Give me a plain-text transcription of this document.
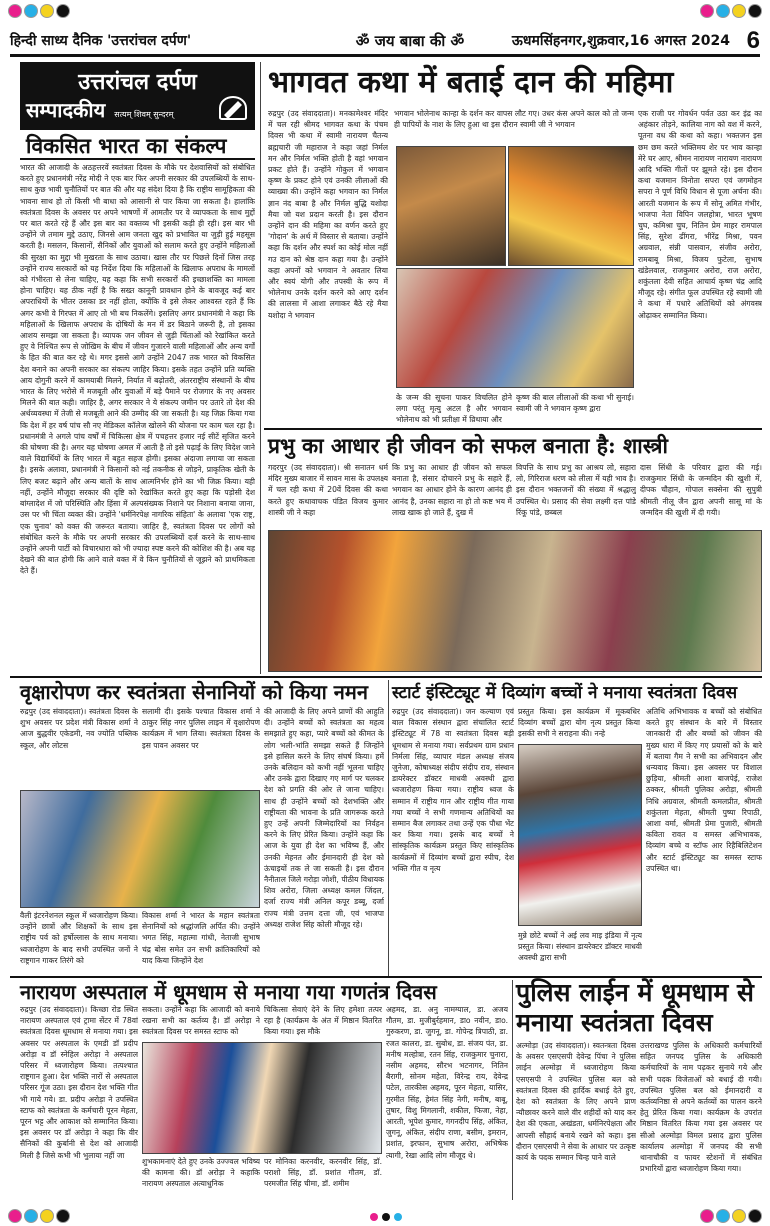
हिन्दी साध्य दैनिक 'उत्तरांचल दर्पण'	ॐ जय बाबा की ॐ	ऊधमसिंहनगर,शुक्रवार,16 अगस्त 2024 6
उत्तरांचल दर्पण
सम्पादकीय सत्यम् शिवम् सुन्दरम्
विकसित भारत का संकल्प
भारत की आजादी के अठहत्तरवें स्वतंत्रता दिवस के मौके पर देशवासियों को संबोधित करते हुए प्रधानमंत्री नरेंद्र मोदी ने एक बार फिर अपनी सरकार की उपलब्धियों के साथ-साथ कुछ भावी चुनौतियों पर बात की और यह संदेश दिया है कि राष्ट्रीय सामूहिकता की भावना साथ हो तो किसी भी बाधा को आसानी से पार किया जा सकता है। हालांकि स्वतंत्रता दिवस के अवसर पर अपने भाषणों में आमतौर पर वे व्यापकता के साथ मुद्दों पर बात करते रहे हैं और इस बार का वक्तव्य भी इसकी कड़ी ही रही। इस बार भी उन्होंने जे तमाम मुद्दे उठाए, जिनसे आम जनता खुद को प्रभावित या जुड़ी हुई महसूस करती है। मसलन, किसानों, सैनिकों और युवाओं को सलाम करते हुए उन्होंने महिलाओं की सुरक्षा का मुद्दा भी मुखरता के साथ उठाया। खास तौर पर पिछले दिनों जिस तरह उन्होंने राज्य सरकारों को यह निर्देश दिया कि महिलाओं के खिलाफ अपराध के मामलों को गंभीरता से लेना चाहिए, यह कहा कि सभी सरकारों की इच्छाशक्ति का मामला होना चाहिए। यह ठीक नहीं है कि सख्त कानूनी प्रावधान होने के बावजूद कई बार अपराधियों के भीतर उसका डर नहीं होता, क्योंकि वे इसे लेकर आश्वस्त रहते हैं कि अगर कभी वे गिरफ्त में आए तो भी बच निकलेंगे। इसलिए अगर प्रधानमंत्री ने कहा कि महिलाओं के खिलाफ अपराध के दोषियों के मन में डर बिठाने जरूरी है, तो इसका आशय समझा जा सकता है। व्यापक जन जीवन से जुड़ी चिंताओं को रेखांकित करते हुए वे निश्चित रूप से जोखिम के बीच में जीवन गुजारने वाली महिलाओं और अन्य वर्गों के हित की बात कर रहे थे। मगर इससे आगे उन्होंने 2047 तक भारत को विकसित देश बनाने का अपनी सरकार का संकल्प जाहिर किया। इसके तहत उन्होंने प्रति व्यक्ति आय दोगुनी करने में कामयाबी मिलने, निर्यात में बढ़ोतरी, अंतरराष्ट्रीय संस्थानों के बीच भारत के लिए भरोसे में मजबूती और युवाओं में बड़े पैमाने पर रोजगार के नए अवसर मिलने की बात कही। जाहिर है, अगर सरकार ने ये संकल्प जमीन पर उतारे तो देश की अर्थव्यवस्था में तेजी से मजबूती आने की उम्मीद की जा सकती है। यह जिक्र किया गया कि देश में हर वर्ष पांच सौ नए मेडिकल कॉलेज खोलने की योजना पर काम चल रहा है। प्रधानमंत्री ने अगले पांच वर्षों में चिकित्सा क्षेत्र में पचहत्तर हजार नई सीटें सृजित करने की घोषणा की है। अगर यह घोषणा अमल में आती है तो इसे पढ़ाई के लिए विदेश जाने वाले विद्यार्थियों के लिए भारत में बहुत सहज होगी। इसका अंदाजा लगाया जा सकता है। इसके अलावा, प्रधानमंत्री ने किसानों को नई तकनीक से जोड़ने, प्राकृतिक खेती के लिए बजट बढ़ाने और अन्य बातों के साथ आत्मनिर्भर होने का भी जिक्र किया। यही नहीं, उन्होंने मौजूदा सरकार की दृष्टि को रेखांकित करते हुए कहा कि पड़ोसी देश बांग्लादेश में जो परिस्थिति और हिंसा में अल्पसंख्यक निशाने पर निशाना बनाया जाना, उस पर भी चिंता व्यक्त की। उन्होंने 'धर्मनिरपेक्ष नागरिक संहिता' के अलावा 'एक राष्ट्र, एक चुनाव' को वक्त की जरूरत बताया। जाहिर है, स्वतंत्रता दिवस पर लोगों को संबोधित करने के मौके पर अपनी सरकार की उपलब्धियों दर्ज करने के साथ-साथ उन्होंने अपनी पार्टी को विचारधारा को भी ज्यादा स्पष्ट करने की कोशिश की है। अब यह देखने की बात होगी कि आने वाले वक्त में वे किन चुनौतियों से जूझने को प्राथमिकता देते हैं।
भागवत कथा में बताई दान की महिमा
रुद्रपुर (उद संवाददाता)। मनकामेश्वर मंदिर में चल रही श्रीमद भागवत कथा के पंचम दिवस भी कथा में स्वामी नारायण चैतन्य ब्रह्मचारी जी महाराज ने कहा जहां निर्मल मन और निर्मल भक्ति होती है वहां भगवान प्रकट होते हैं। उन्होंने गोकुल में भगवान कृष्ण के प्रकट होने एवं उनकी लीलाओं की व्याख्या की। उन्होंने कहा भगवान का निर्मल ज्ञान नंद बाबा है और निर्मल बुद्धि यशोदा मैया जो यश प्रदान करती है। इस दौरान उन्होंने दान की महिमा का वर्णन करते हुए 'गोदान' के अर्थ में विस्तार से बताया। उन्होंने कहा कि दर्शन और स्पर्श का कोई मोल नहीं गउ दान को श्रेष्ठ दान कहा गया है। उन्होंने कहा अपनों को भगवान ने अवतार लिया और स्वयं योगी और तपस्वी के रूप में भोलेनाथ उनके दर्शन करने को आए दर्शन की लालसा में आशा लगाकर बैठे रहे मैया यशोदा ने भगवान
भगवान भोलेनाथ कान्हा के दर्शन कर वापस लौट गए। उधर कंस अपने काल को तो जन्म ही पापियों के नाश के लिए हुआ था इस दौरान स्वामी जी ने भगवान
के जन्म की सूचना पाकर विचलित होने लगा परंतु मृत्यु अटल है और भगवान भोलेनाथ को भी प्रतीक्षा में व्रिथाया और
कृष्ण की बाल लीलाओं की कथा भी सुनाई। स्वामी जी ने भगवान कृष्ण द्वारा
एक राजी पर गोवर्धन पर्वत उठा कर इंद्र का अहंकार तोड़ने, कालिया नाग को वश में करने, पूतना वध की कथा को कहा। भक्तजन इस छम छम करते भक्तिमय शेर पर भाव कान्हा मेरे घर आए, श्रीमन नारायण नारायण नारायण आदि भक्ति गीतों पर झूमते रहे। इस दौरान कथा यजमान विनोता सपरा एवं जगमोहन सपरा ने पूर्ण विधि विधान से पूजा अर्चना की। आरती यजमान के रूप में सोनू अमित गंभीर, भाजपा नेता विपिन जलहोत्रा, भारत भूषण चुघ, कमिश्रा चुघ, नितिन प्रेम माहर रामपाल सिंह, सुरेश ढींगरा, भीरेंद्र मिश्रा, पवन अग्रवाल, संन्नी पासवान, संजीव अरोरा, रामबाबू मिश्रा, विजय फुटेला, सुभाष खंडेलवाल, राजकुमार अरोरा, राज अरोरा, शकुंतला देवी सहित आचार्य कृष्ण चंद्र आदि मौजूद रहे। संगीत फूल उपस्थित रहे स्वामी जी ने कथा में पधारे अतिथियों को अंगवस्त्र ओढ़ाकर सम्मानित किया।
प्रभु का आधार ही जीवन को सफल बनाता है: शास्त्री
गदरपुर (उद संवाददाता)। श्री सनातन धर्म मंदिर मुख्य बाजार में सावन मास के उपलक्ष्य में चल रही कथा में 20वें दिवस की कथा करते हुए कथावाचक पंडित विजय कुमार शास्त्री जी ने कहा
कि प्रभु का आधार ही जीवन को सफल बनाता है, संसार दोचारने प्रभु के सहारे हैं, भगवान का आधार होने के कारण आनंद ही आनंद है, उनका सहारा ना हो तो कष्ट भय में लाख खाक हो जाते हैं, दुख में
विपत्ति के साथ प्रभु का आश्रय लो, सहारा लो, गिरिराज धरण को लीला में यही भाव है। इस दौरान भक्तजनों की संख्या में श्रद्धालु उपस्थित थे। प्रसाद की सेवा लक्ष्मी दत्त पांडे रिंकू पांडे, छब्बल
दास सिंधी के परिवार द्वारा की गई। राजकुमार सिंधी के जन्मदिन की खुशी में, दीपक चौहान, गोपाल सक्सेना की सुपुत्री श्रीमती नीलू जैन द्वारा अपनी सासू मां के जन्मदिन की खुशी में दी गयी।
वृक्षारोपण कर स्वतंत्रता सेनानियों को किया नमन
रुद्रपुर (उद संवाददाता)। स्वतंत्रता दिवस के शुभ अवसर पर प्रदेश मंत्री विकास शर्मा ने आज बुद्धवीर एकेडमी, नव ज्योति पब्लिक स्कूल, और लोटस
सलामी दी। इसके पश्चात विकास शर्मा ने ठाकुर सिंह नगर पुलिस लाइन में वृक्षारोपण कार्यक्रम में भाग लिया। स्वतंत्रता दिवस के इस पावन अवसर पर
वैली इंटरनेशनल स्कूल में ध्वजारोहण किया। उन्होंने छात्रों और शिक्षकों के साथ इस राष्ट्रीय पर्व को हर्षोल्लास के साथ मनाया। ध्वजारोहण के बाद सभी उपस्थित जनों ने राष्ट्रगान गाकर तिरंगे को
विकास शर्मा ने भारत के महान स्वतंत्रता सेनानियों को श्रद्धांजलि अर्पित की। उन्होंने भगत सिंह, महात्मा गांधी, नेताजी सुभाष चंद्र बोस समेत उन सभी क्रांतिकारियों को याद किया जिन्होंने देश
की आजादी के लिए अपने प्राणों की आहुति दी। उन्होंने बच्चों को स्वतंत्रता का महत्व समझाते हुए कहा, प्यारे बच्चों को कीमत के लोग भली-भांति समझा सकते हैं जिन्होंने इसे हासिल करने के लिए संघर्ष किया। हमें उनके बलिदान को कभी नहीं भूलना चाहिए और उनके द्वारा दिखाए गए मार्ग पर चलकर देश को प्रगति की ओर ले जाना चाहिए। साथ ही उन्होंने बच्चों को देशभक्ति और राष्ट्रीयता की भावना के प्रति जागरूक करते हुए उन्हें अपनी जिम्मेदारियों का निर्वहन करने के लिए प्रेरित किया। उन्होंने कहा कि आज के युवा ही देश का भविष्य हैं, और उनकी मेहनत और ईमानदारी ही देश को ऊंचाइयों तक ले जा सकती है। इस दौरान नैनीताल जिले गरोड़ा जोशी, पीठीय विधायक शिव अरोरा, जिला अध्यक्ष कमल जिंदल, दर्जा राज्य मंत्री अनिल कपूर डब्बू, दर्जा राज्य मंत्री उत्तम दत्ता जी, एवं भाजपा अध्यक्ष राजेश सिंह कोली मौजूद रहे।
स्टार्ट इंस्टिट्यूट में दिव्यांग बच्चों ने मनाया स्वतंत्रता दिवस
रुद्रपुर (उद संवाददाता)। जन कल्याण एवं बाल विकास संस्थान द्वारा संचालित स्टार्ट इंस्टिट्यूट में 78 वा स्वतंत्रता दिवस बड़ी धूमधाम से मनाया गया। सर्वप्रथम ग्राम प्रधान निर्मला सिंह, व्यापार मंडल अध्यक्ष संजय जुनेजा, कोषाध्यक्ष संदीप संदीप राव, संस्थान डायरेक्टर डॉक्टर माधवी अवस्थी द्वारा ध्वजारोहण किया गया। राष्ट्रीय ध्वज के सम्मान में राष्ट्रीय गान और राष्ट्रीय गीत गाया गया बच्चों ने सभी गणमान्य अतिथियों का सम्मान बैज लगाकर तथा उन्हें एक पौधा भेंट कर किया गया। इसके बाद बच्चों ने सांस्कृतिक कार्यक्रम प्रस्तुत किए सांस्कृतिक कार्यक्रमों में दिव्यांग बच्चों द्वारा स्पीच, देश भक्ति गीत व नृत्य
प्रस्तुत किया। इस कार्यक्रम में मूकबधिर दिव्यांग बच्चों द्वारा योग नृत्य प्रस्तुत किया इसकी सभी ने सराहना की। नन्हे
मुन्ने छोटे बच्चों ने अई लव माइ इंडिया में नृत्य प्रस्तुत किया। संस्थान डायरेक्टर डॉक्टर माधवी अवस्थी द्वारा सभी
अतिथि अभिभावक व बच्चों को संबोधित करते हुए संस्थान के बारे में विस्तार जानकारी दी और बच्चों को जीवन की मुख्य धारा में किए गए प्रयासों को के बारे में बताया गैम ने सभी का अभिवादन और धन्यवाद किया। इस अवसर पर विशाल छुड़िया, श्रीमती आशा बाजपेई, राजेश ठक्कर, श्रीमती पुलिका अरोड़ा, श्रीमती निधि अग्रवाल, श्रीमती कमलप्रीत, श्रीमती शकुंतला मेहता, श्रीमती पुष्पा रिपाठी, आशा वर्मा, श्रीमती प्रेमा पुजारी, श्रीमती कविता रावत व समस्त अभिभावक, दिव्यांग बच्चे व स्टॉफ आर रिहैबिलिटेशन और स्टार्ट इंस्टिट्यूट का समस्त स्टाफ उपस्थित था।
नारायण अस्पताल में धूमधाम से मनाया गया गणतंत्र दिवस
रुद्रपुर (उद संवाददाता)। किच्छा रोड स्थित नारायण अस्पताल एवं ट्रामा सेंटर में 78वां स्वतंत्रता दिवस धूमधाम से मनाया गया। इस अवसर पर अस्पताल के एमडी डॉ प्रदीप अरोड़ा व डॉ स्नेहिल अरोड़ा ने अस्पताल परिसर में ध्वजारोहण किया। तत्पश्चात राष्ट्रगान हुआ। देश भक्ति नारों से अस्पताल परिसर गूंज उठा। इस दौरान देश भक्ति गीत भी गाये गये। डा. प्रदीप अरोड़ा ने उपस्थित स्टाफ को स्वतंत्रता के कर्मचारी पूरन मेहता, पूरन भट्ट और आकाश को सम्मानित किया। इस अवसर पर डॉ अरोड़ा ने कहा कि वीर सैनिकों की कुर्बानी से देश को आजादी मिली है जिसे कभी भी भुलाया नहीं जा
सकता। उन्होंने कहा कि आजादी को बनाये रखना सभी का कर्तव्य है। डॉ अरोड़ा ने स्वतंत्रता दिवस पर समस्त स्टाफ को
चिकित्सा सेवाएं देने के लिए हमेशा तत्पर रहा है (कार्यक्रम के अंत में मिष्ठान वितरित किया गया। इस मौके
शुभकामनाएं देते हुए उनके उज्ज्वल भविष्य की कामना की। डॉ अरोड़ा ने कहाकि नारायण अस्पताल अत्याधुनिक
पर मोनिका करनवीर, करनवीर सिंह, डॉ. पराशो सिंह, डॉ. प्रशांत गौतम, डॉ. परमजीत सिंह चीमा, डॉ. शमीम
अहमद, डा. अनु नामग्याल, डा. अजय गौतम, डा. मुजीबुर्रहमान, डाo नवीन, डाo. गुरुकरण, डा. जुगनू, डा. गोपेन्द्र त्रिपाठी, डा. रजत कालरा, डा. सुबोध, डा. संजय पंत, डा. मनीष मल्होत्रा, रतन सिंह, राजकुमार चुनारा, नसीम अहमद, सौरभ भटनागर, नितिन बैरागी, सोनम महेता, विरेन्द्र राय, देवेन्द्र पटेल, तारकीस अहमद, पूरन मेहता, यासिर, गुरमीत सिंह, हेमंत सिंह नेगी, मनीष, बाबू, तुषार, विशु मिगलानी, शकील, फिजा, नेहा, आरती, भूपेश कुमार, गगनदीप सिंह, अंकित, जुगनू, अंकित, संदीप राणा, बसीम, इमरान, प्रशांत, इरफान, सुभाष अरोरा, अभिषेक त्यागी, रेखा आदि लोग मौजूद थे।
पुलिस लाईन में धूमधाम से मनाया स्वतंत्रता दिवस
अल्मोड़ा (उद संवाददाता)। स्वतन्त्रता दिवस के अवसर एसएसपी देवेन्द्र पिंचा ने पुलिस लाईन अल्मोड़ा में ध्वजारोहण किया एसएसपी ने उपस्थित पुलिस बल को स्वतंत्रता दिवस की हार्दिक बधाई देते हुए, देश को स्वतंत्रता के लिए अपने प्राण न्यौछावर करने वाले वीर शहीदों को याद कर देश की एकता, अखंडता, धर्मनिरपेक्षता और आपसी सौहार्द बनाये रखने को कहा। इस दौरान एसएसपी ने सेवा के आधार पर उत्कृष्ट कार्य के पदक सम्मान चिन्ह पाने वाले
उत्तराखण्ड पुलिस के अधिकारी कर्मचारियों सहित जनपद पुलिस के अधिकारी कर्मचारियों के नाम पढ़कर सुनाये गये और सभी पदक विजेताओं को बधाई दी गयी। उपस्थित पुलिस बल को ईमानदारी व कर्तव्यनिष्ठा से अपने कर्तव्यों का पालन करने हेतु प्रेरित किया गया। कार्यक्रम के उपरांत मिष्ठान वितरित किया गया इस अवसर पर सीओ अल्मोड़ा विमल प्रसाद द्वारा पुलिस कार्यालय अल्मोड़ा में जनपद की सभी थानाचौकी व फायर स्टेशनों में संबंधित प्रभारियों द्वारा ध्वजारोहण किया गया।
